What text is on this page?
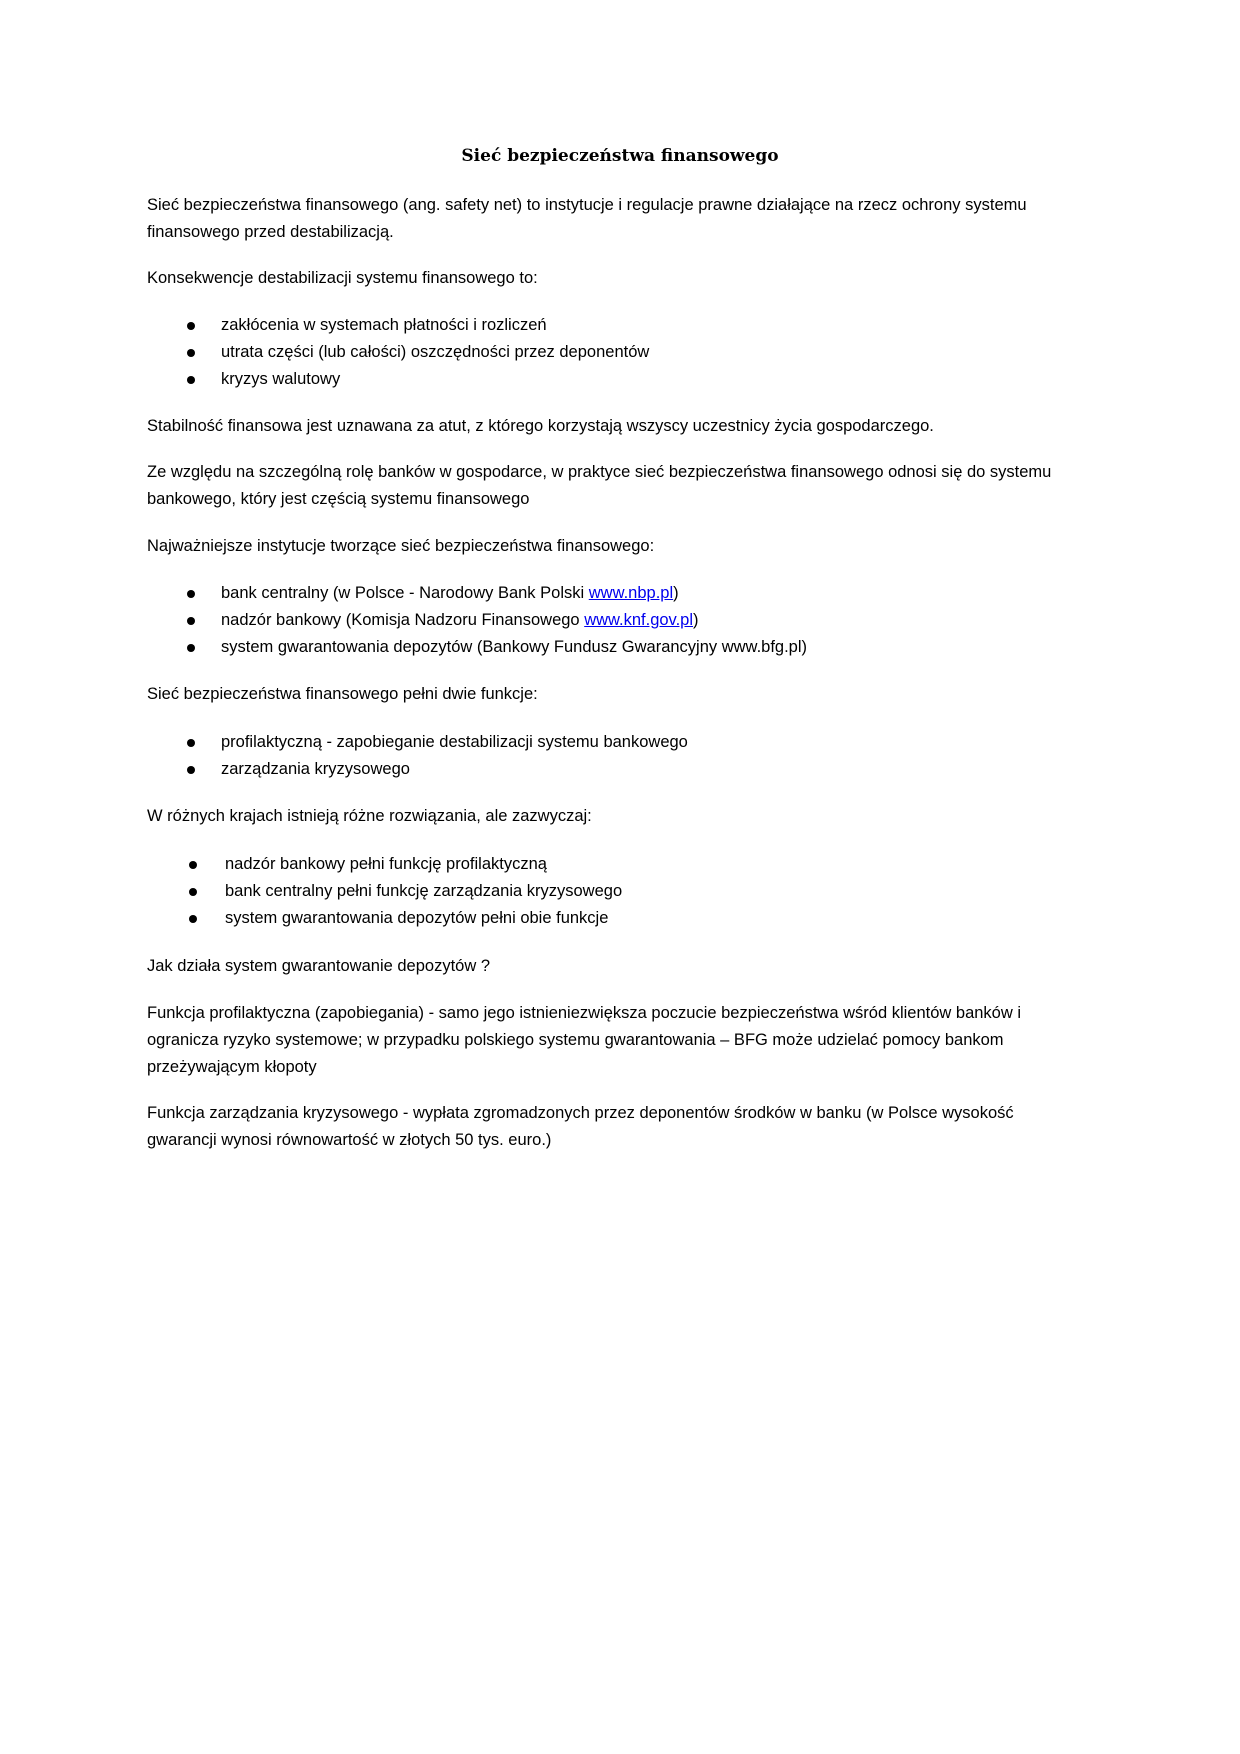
Sieć bezpieczeństwa finansowego

Sieć bezpieczeństwa finansowego (ang. safety net) to instytucje i regulacje prawne działające na rzecz ochrony systemu finansowego przed destabilizacją.

Konsekwencje destabilizacji systemu finansowego to:

zakłócenia w systemach płatności i rozliczeń
utrata części (lub całości) oszczędności przez deponentów
kryzys walutowy

Stabilność finansowa jest uznawana za atut, z którego korzystają wszyscy uczestnicy życia gospodarczego.

Ze względu na szczególną rolę banków w gospodarce, w praktyce sieć bezpieczeństwa finansowego odnosi się do systemu bankowego, który jest częścią systemu finansowego

Najważniejsze instytucje tworzące sieć bezpieczeństwa finansowego:

bank centralny (w Polsce - Narodowy Bank Polski www.nbp.pl)
nadzór bankowy (Komisja Nadzoru Finansowego www.knf.gov.pl)
system gwarantowania depozytów (Bankowy Fundusz Gwarancyjny www.bfg.pl)

Sieć bezpieczeństwa finansowego pełni dwie funkcje:

profilaktyczną - zapobieganie destabilizacji systemu bankowego
zarządzania kryzysowego

W różnych krajach istnieją różne rozwiązania, ale zazwyczaj:

nadzór bankowy pełni funkcję profilaktyczną
bank centralny pełni funkcję zarządzania kryzysowego
system gwarantowania depozytów pełni obie funkcje

Jak działa system gwarantowanie depozytów ?

Funkcja profilaktyczna (zapobiegania) - samo jego istnieniezwiększa poczucie bezpieczeństwa wśród klientów banków i ogranicza ryzyko systemowe; w przypadku polskiego systemu gwarantowania – BFG może udzielać pomocy bankom przeżywającym kłopoty

Funkcja zarządzania kryzysowego - wypłata zgromadzonych przez deponentów środków w banku (w Polsce wysokość gwarancji wynosi równowartość w złotych 50 tys. euro.)
